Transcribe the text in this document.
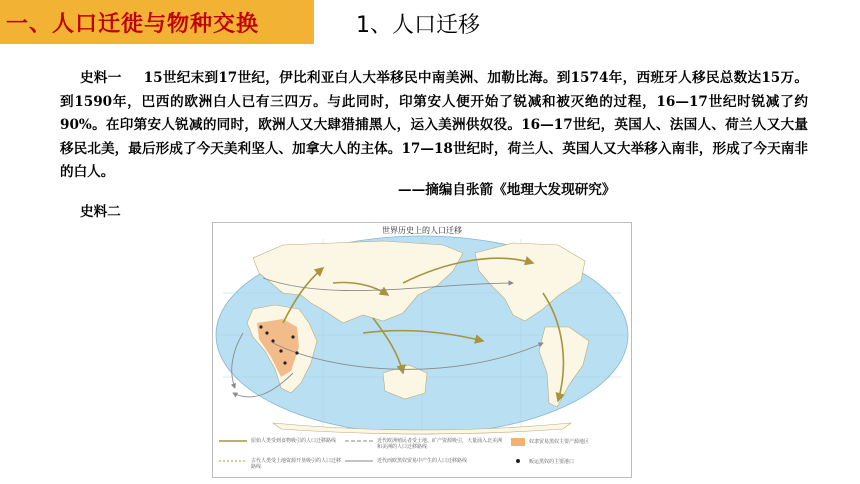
一、人口迁徙与物种交换	1、人口迁移
史料一 15世纪末到17世纪，伊比利亚白人大举移民中南美洲、加勒比海。到1574年，西班牙人移民总数达15万。到1590年，巴西的欧洲白人已有三四万。与此同时，印第安人便开始了锐减和被灭绝的过程，16—17世纪时锐减了约90%。在印第安人锐减的同时，欧洲人又大肆猎捕黑人，运入美洲供奴役。16—17世纪，英国人、法国人、荷兰人又大量移民北美，最后形成了今天美利坚人、加拿大人的主体。17—18世纪时，荷兰人、英国人又大举移入南非，形成了今天南非的白人。
——摘编自张箭《地理大发现研究》
史料二
世界历史上的人口迁移
原始人类受到食物吸引的人口迁移路线	近代欧洲殖民者受土地、矿产资源吸引，大量涌入北美洲和美洲的人口迁移路线
奴隶贸易黑奴主要产源地区
古代人类受土地资源开垦吸引的人口迁移路线
近代西欧黑奴贸易中产生的人口迁移路线	贩运黑奴的主要港口
